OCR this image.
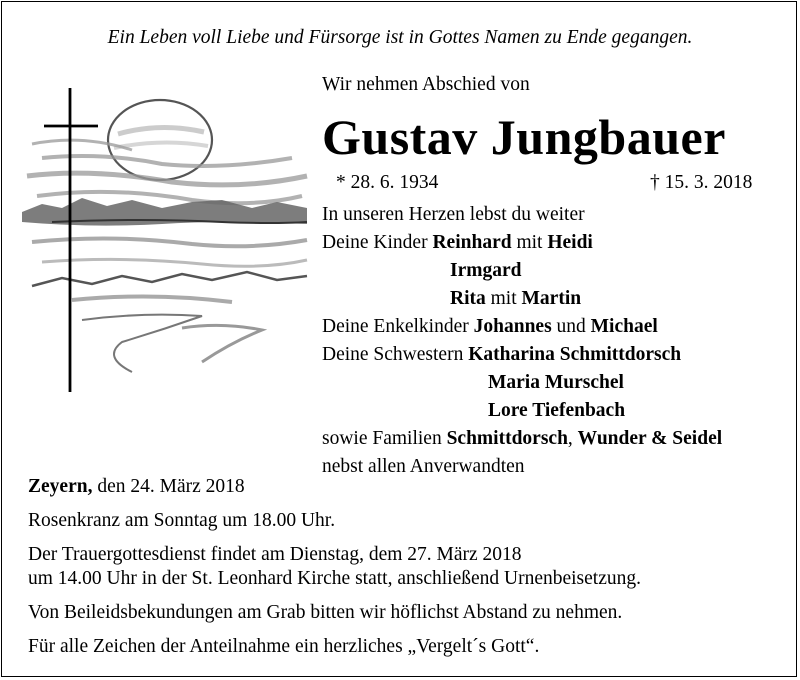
Ein Leben voll Liebe und Fürsorge ist in Gottes Namen zu Ende gegangen.
Wir nehmen Abschied von
Gustav Jungbauer
* 28. 6. 1934	† 15. 3. 2018
In unseren Herzen lebst du weiter
Deine Kinder Reinhard mit Heidi
Irmgard
Rita mit Martin
Deine Enkelkinder Johannes und Michael
Deine Schwestern Katharina Schmittdorsch
Maria Murschel
Lore Tiefenbach
sowie Familien Schmittdorsch, Wunder & Seidel
nebst allen Anverwandten
Zeyern, den 24. März 2018
Rosenkranz am Sonntag um 18.00 Uhr.
Der Trauergottesdienst findet am Dienstag, dem 27. März 2018
um 14.00 Uhr in der St. Leonhard Kirche statt, anschließend Urnenbeisetzung.
Von Beileidsbekundungen am Grab bitten wir höflichst Abstand zu nehmen.
Für alle Zeichen der Anteilnahme ein herzliches „Vergelt´s Gott“.
